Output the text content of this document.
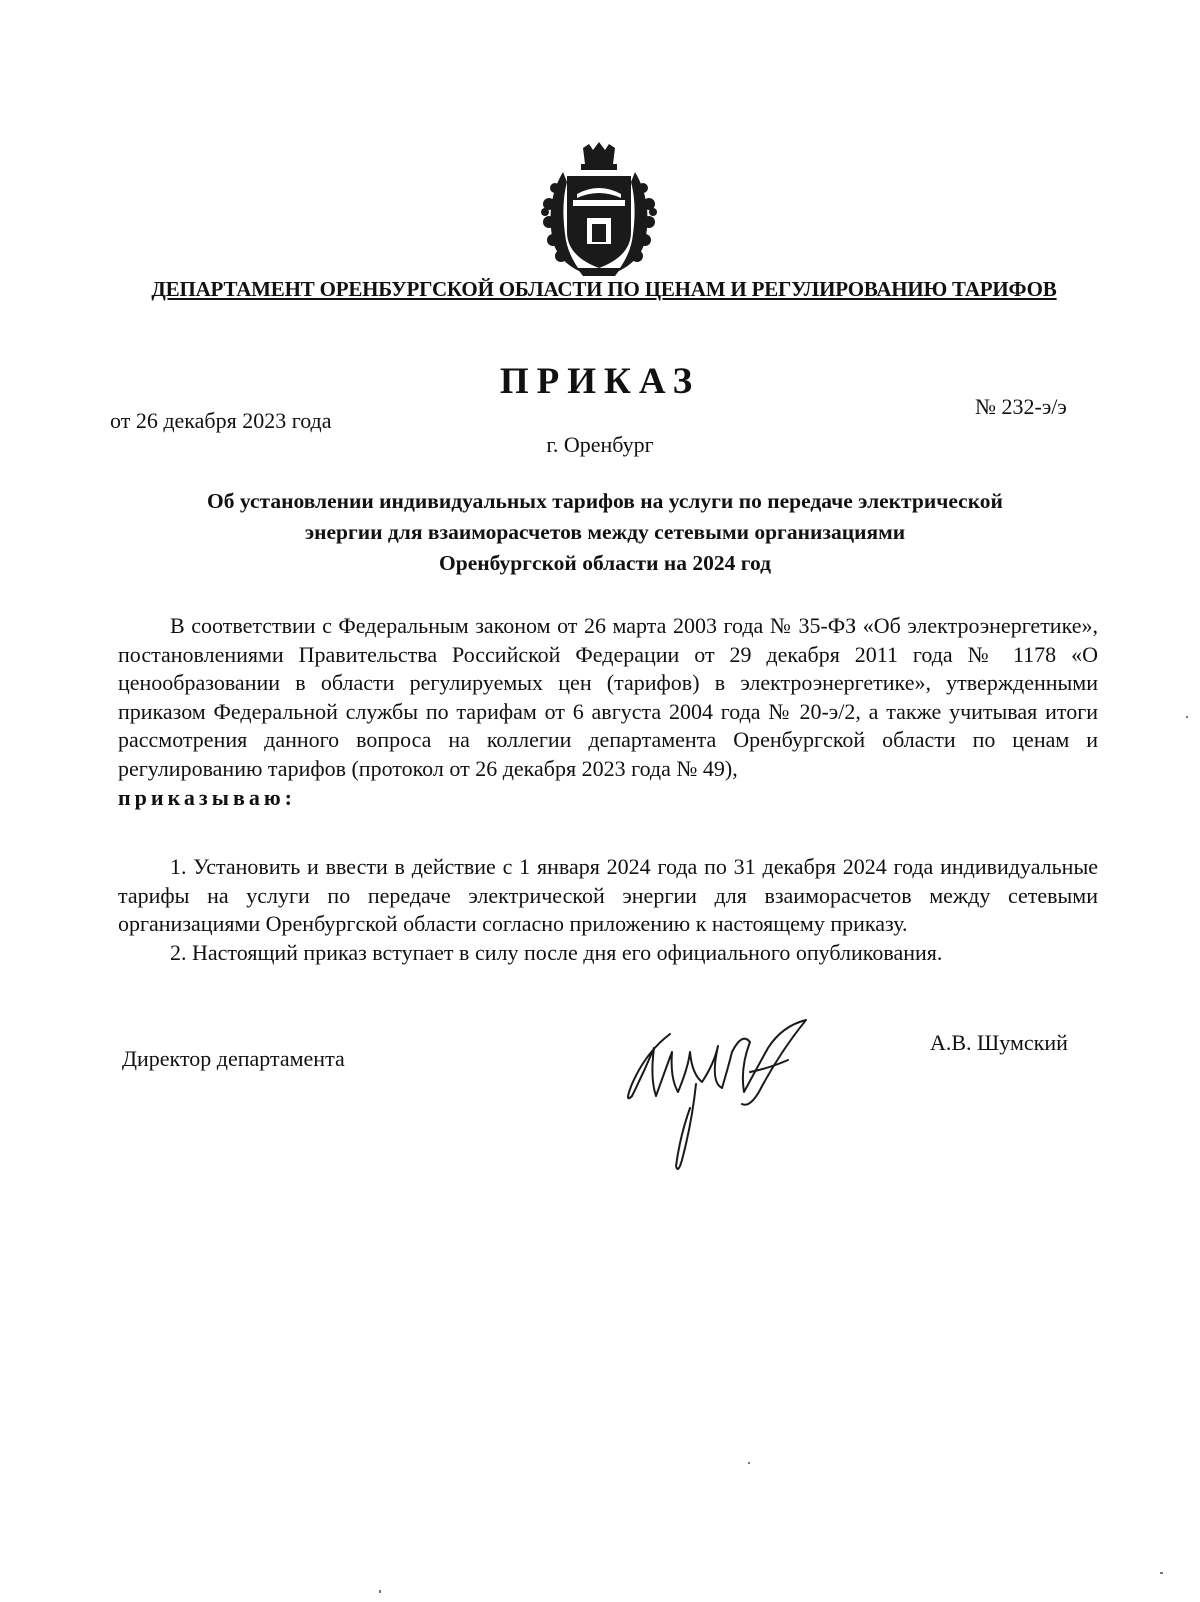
ДЕПАРТАМЕНТ ОРЕНБУРГСКОЙ ОБЛАСТИ ПО ЦЕНАМ И РЕГУЛИРОВАНИЮ ТАРИФОВ
ПРИКАЗ
от 26 декабря 2023 года
№ 232-э/э
г. Оренбург
Об установлении индивидуальных тарифов на услуги по передаче электрической
энергии для взаиморасчетов между сетевыми организациями
Оренбургской области на 2024 год

В соответствии с Федеральным законом от 26 марта 2003 года № 35-ФЗ «Об электроэнергетике», постановлениями Правительства Российской Федерации от 29 декабря 2011 года № 1178 «О ценообразовании в области регулируемых цен (тарифов) в электроэнергетике», утвержденными приказом Федеральной службы по тарифам от 6 августа 2004 года № 20-э/2, а также учитывая итоги рассмотрения данного вопроса на коллегии департамента Оренбургской области по ценам и регулированию тарифов (протокол от 26 декабря 2023 года № 49),

приказываю:

1. Установить и ввести в действие с 1 января 2024 года по 31 декабря 2024 года индивидуальные тарифы на услуги по передаче электрической энергии для взаиморасчетов между сетевыми организациями Оренбургской области согласно приложению к настоящему приказу.

2. Настоящий приказ вступает в силу после дня его официального опубликования.

Директор департамента
А.В. Шумский
